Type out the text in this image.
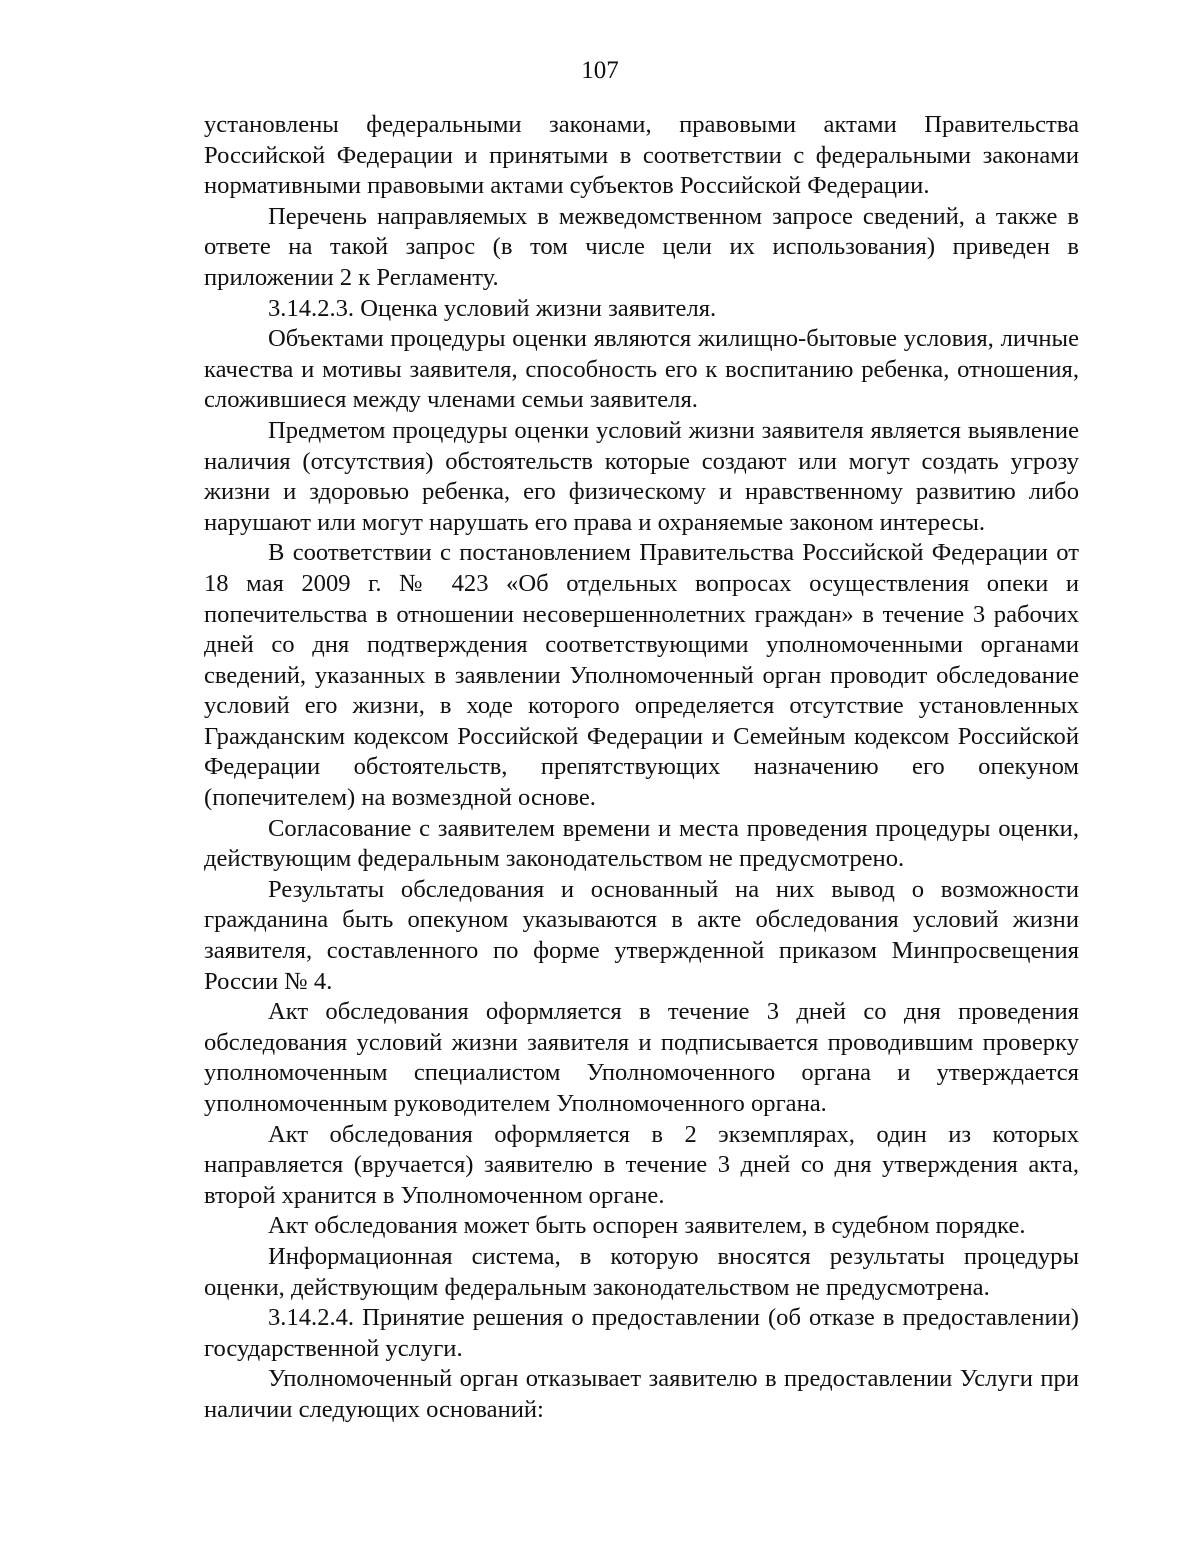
107

установлены федеральными законами, правовыми актами Правительства Российской Федерации и принятыми в соответствии с федеральными законами нормативными правовыми актами субъектов Российской Федерации.

Перечень направляемых в межведомственном запросе сведений, а также в ответе на такой запрос (в том числе цели их использования) приведен в приложении 2 к Регламенту.

3.14.2.3. Оценка условий жизни заявителя.

Объектами процедуры оценки являются жилищно-бытовые условия, личные качества и мотивы заявителя, способность его к воспитанию ребенка, отношения, сложившиеся между членами семьи заявителя.

Предметом процедуры оценки условий жизни заявителя является выявление наличия (отсутствия) обстоятельств которые создают или могут создать угрозу жизни и здоровью ребенка, его физическому и нравственному развитию либо нарушают или могут нарушать его права и охраняемые законом интересы.

В соответствии с постановлением Правительства Российской Федерации от 18 мая 2009 г. № 423 «Об отдельных вопросах осуществления опеки и попечительства в отношении несовершеннолетних граждан» в течение 3 рабочих дней со дня подтверждения соответствующими уполномоченными органами сведений, указанных в заявлении Уполномоченный орган проводит обследование условий его жизни, в ходе которого определяется отсутствие установленных Гражданским кодексом Российской Федерации и Семейным кодексом Российской Федерации обстоятельств, препятствующих назначению его опекуном (попечителем) на возмездной основе.

Согласование с заявителем времени и места проведения процедуры оценки, действующим федеральным законодательством не предусмотрено.

Результаты обследования и основанный на них вывод о возможности гражданина быть опекуном указываются в акте обследования условий жизни заявителя, составленного по форме утвержденной приказом Минпросвещения России № 4.

Акт обследования оформляется в течение 3 дней со дня проведения обследования условий жизни заявителя и подписывается проводившим проверку уполномоченным специалистом Уполномоченного органа и утверждается уполномоченным руководителем Уполномоченного органа.

Акт обследования оформляется в 2 экземплярах, один из которых направляется (вручается) заявителю в течение 3 дней со дня утверждения акта, второй хранится в Уполномоченном органе.

Акт обследования может быть оспорен заявителем, в судебном порядке.

Информационная система, в которую вносятся результаты процедуры оценки, действующим федеральным законодательством не предусмотрена.

3.14.2.4. Принятие решения о предоставлении (об отказе в предоставлении) государственной услуги.

Уполномоченный орган отказывает заявителю в предоставлении Услуги при наличии следующих оснований:
